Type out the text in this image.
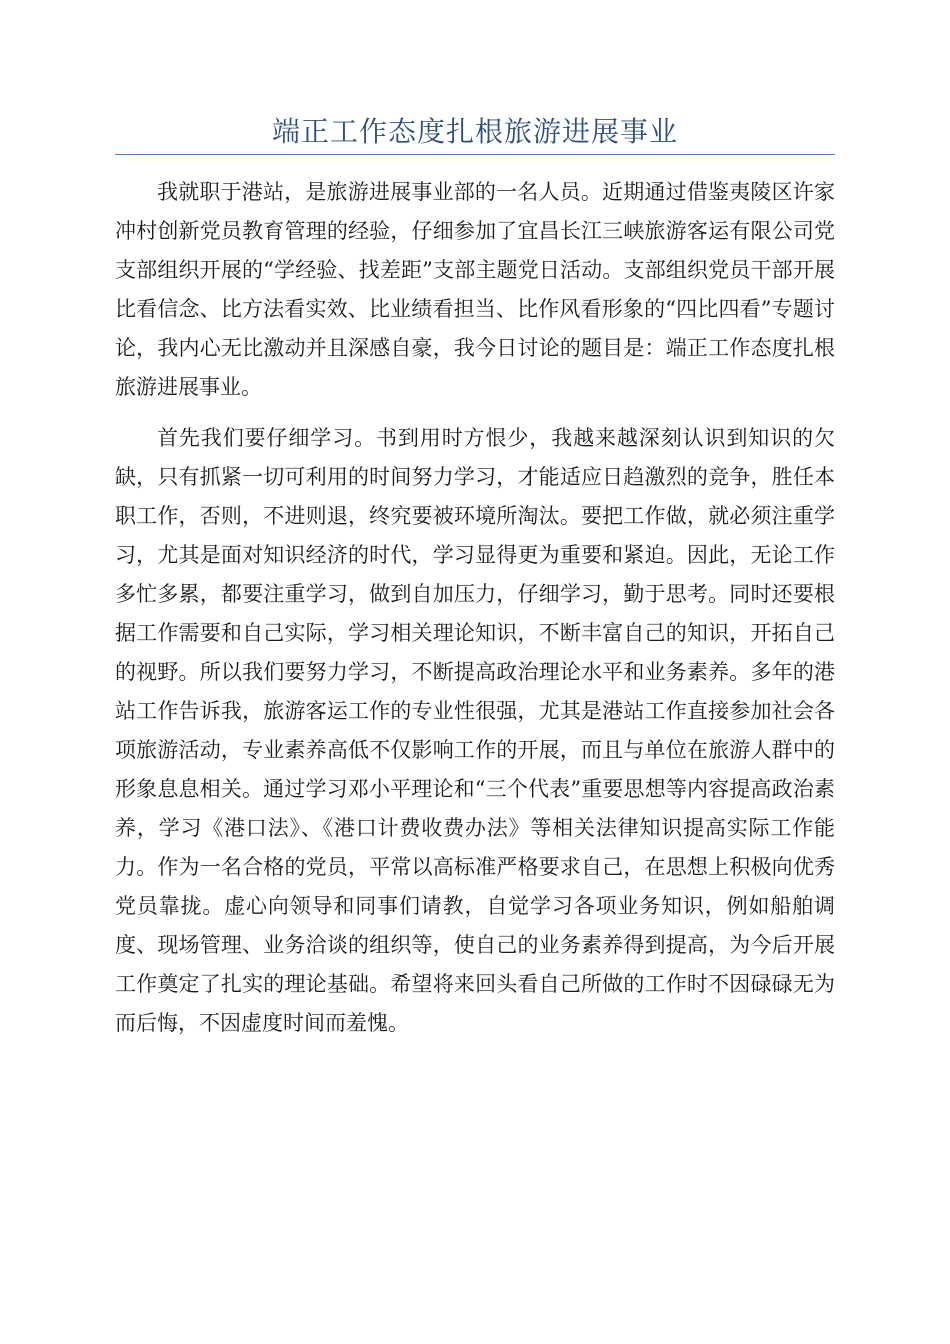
端正工作态度扎根旅游进展事业

我就职于港站，是旅游进展事业部的一名人员。近期通过借鉴夷陵区许家冲村创新党员教育管理的经验，仔细参加了宜昌长江三峡旅游客运有限公司党支部组织开展的“学经验、找差距”支部主题党日活动。支部组织党员干部开展比看信念、比方法看实效、比业绩看担当、比作风看形象的“四比四看”专题讨论，我内心无比激动并且深感自豪，我今日讨论的题目是：端正工作态度扎根旅游进展事业。

首先我们要仔细学习。书到用时方恨少，我越来越深刻认识到知识的欠缺，只有抓紧一切可利用的时间努力学习，才能适应日趋激烈的竞争，胜任本职工作，否则，不进则退，终究要被环境所淘汰。要把工作做，就必须注重学习，尤其是面对知识经济的时代，学习显得更为重要和紧迫。因此，无论工作多忙多累，都要注重学习，做到自加压力，仔细学习，勤于思考。同时还要根据工作需要和自己实际，学习相关理论知识，不断丰富自己的知识，开拓自己的视野。所以我们要努力学习，不断提高政治理论水平和业务素养。多年的港站工作告诉我，旅游客运工作的专业性很强，尤其是港站工作直接参加社会各项旅游活动，专业素养高低不仅影响工作的开展，而且与单位在旅游人群中的形象息息相关。通过学习邓小平理论和“三个代表”重要思想等内容提高政治素养，学习《港口法》、《港口计费收费办法》等相关法律知识提高实际工作能力。作为一名合格的党员，平常以高标准严格要求自己，在思想上积极向优秀党员靠拢。虚心向领导和同事们请教，自觉学习各项业务知识，例如船舶调度、现场管理、业务洽谈的组织等，使自己的业务素养得到提高，为今后开展工作奠定了扎实的理论基础。希望将来回头看自己所做的工作时不因碌碌无为而后悔，不因虚度时间而羞愧。
